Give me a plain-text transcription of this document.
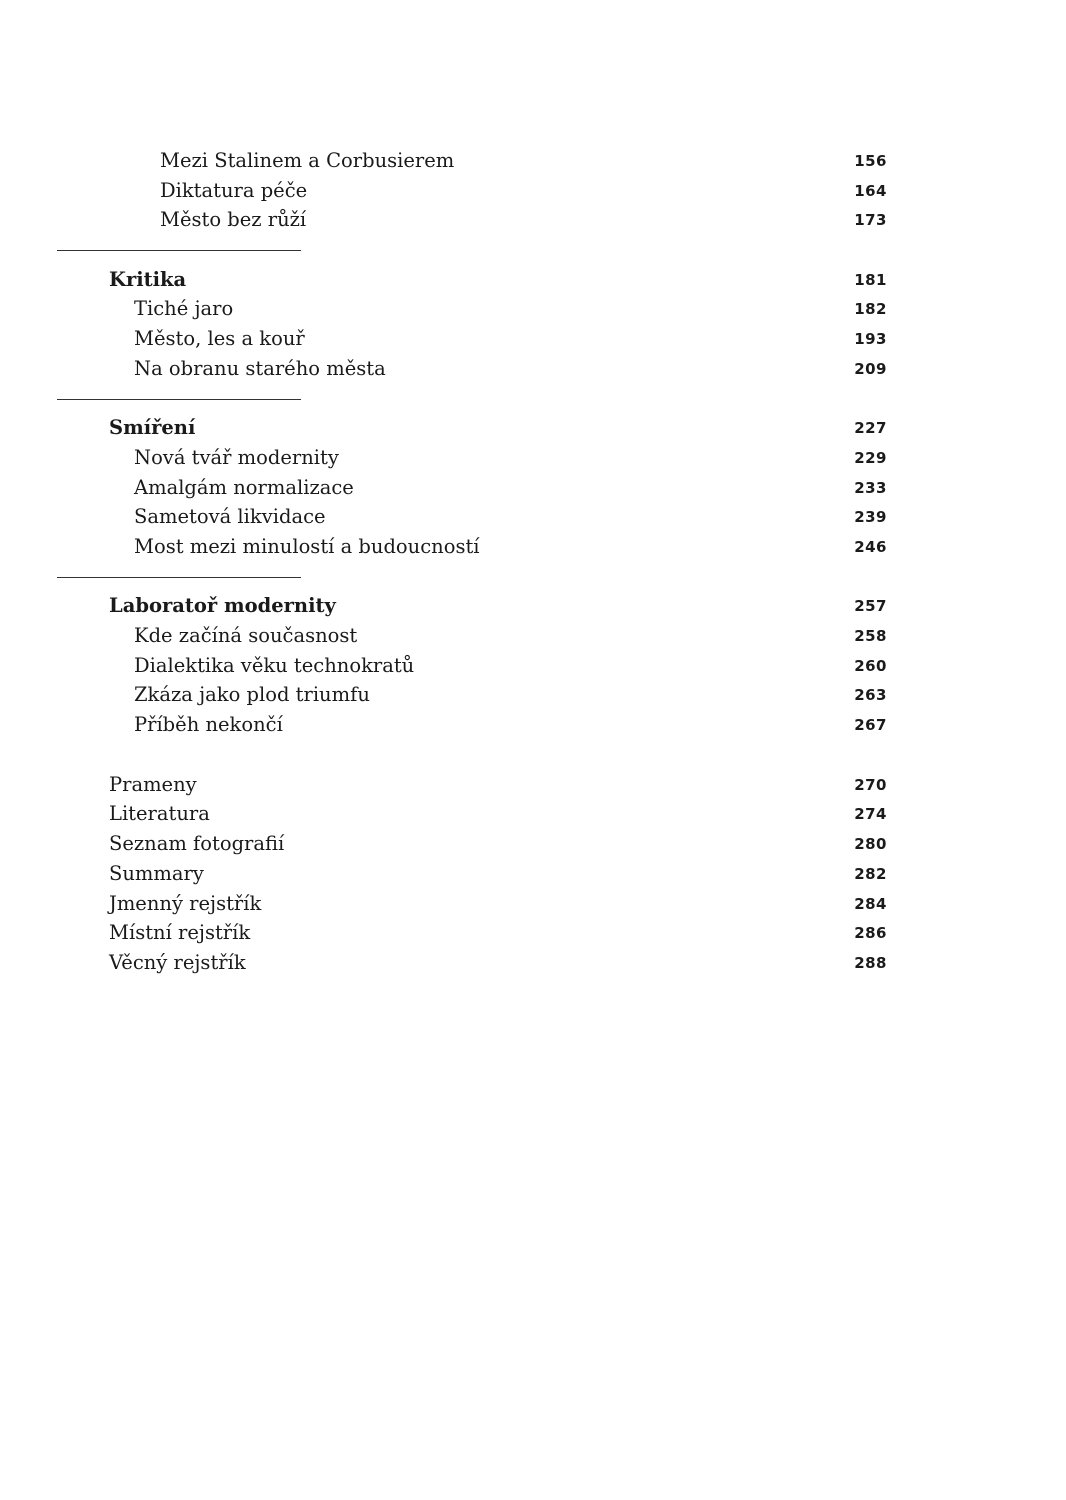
Mezi Stalinem a Corbusierem	156
Diktatura péče	164
Město bez růží	173
Kritika	181
Tiché jaro	182
Město, les a kouř	193
Na obranu starého města	209
Smíření	227
Nová tvář modernity	229
Amalgám normalizace	233
Sametová likvidace	239
Most mezi minulostí a budoucností	246
Laboratoř modernity	257
Kde začíná současnost	258
Dialektika věku technokratů	260
Zkáza jako plod triumfu	263
Příběh nekončí	267
Prameny	270
Literatura	274
Seznam fotografií	280
Summary	282
Jmenný rejstřík	284
Místní rejstřík	286
Věcný rejstřík	288
